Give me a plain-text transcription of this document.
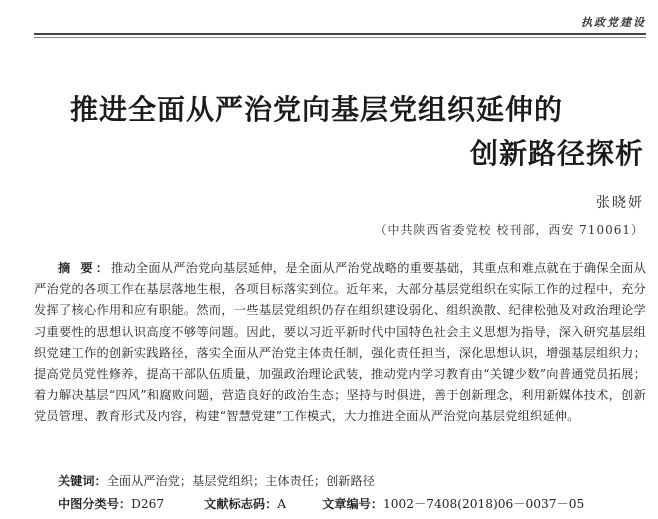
执政党建设
推进全面从严治党向基层党组织延伸的
创新路径探析
张晓妍
（中共陕西省委党校 校刊部，西安 710061）

摘 要：推动全面从严治党向基层延伸，是全面从严治党战略的重要基础，其重点和难点就在于确保全面从严治党的各项工作在基层落地生根，各项目标落实到位。近年来，大部分基层党组织在实际工作的过程中，充分发挥了核心作用和应有职能。然而，一些基层党组织仍存在组织建设弱化、组织涣散、纪律松弛及对政治理论学习重要性的思想认识高度不够等问题。因此，要以习近平新时代中国特色社会主义思想为指导，深入研究基层组织党建工作的创新实践路径，落实全面从严治党主体责任制，强化责任担当，深化思想认识，增强基层组织力；提高党员党性修养，提高干部队伍质量，加强政治理论武装，推动党内学习教育由“关键少数”向普通党员拓展；着力解决基层“四风”和腐败问题，营造良好的政治生态；坚持与时俱进，善于创新理念，利用新媒体技术，创新党员管理、教育形式及内容，构建“智慧党建”工作模式，大力推进全面从严治党向基层党组织延伸。

关键词：全面从严治党；基层党组织；主体责任；创新路径

中图分类号：D267	文献标志码：A	文章编号：1002－7408(2018)06－0037－05
